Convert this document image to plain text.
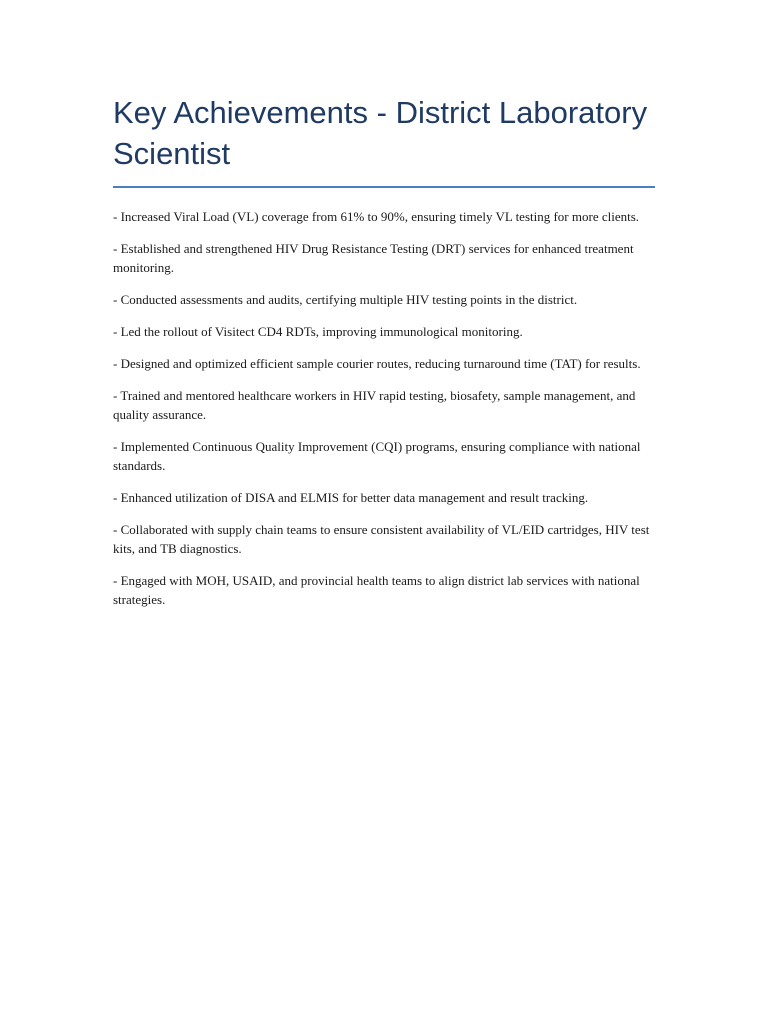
Key Achievements - District Laboratory Scientist

- Increased Viral Load (VL) coverage from 61% to 90%, ensuring timely VL testing for more clients.

- Established and strengthened HIV Drug Resistance Testing (DRT) services for enhanced treatment monitoring.

- Conducted assessments and audits, certifying multiple HIV testing points in the district.

- Led the rollout of Visitect CD4 RDTs, improving immunological monitoring.

- Designed and optimized efficient sample courier routes, reducing turnaround time (TAT) for results.

- Trained and mentored healthcare workers in HIV rapid testing, biosafety, sample management, and quality assurance.

- Implemented Continuous Quality Improvement (CQI) programs, ensuring compliance with national standards.

- Enhanced utilization of DISA and ELMIS for better data management and result tracking.

- Collaborated with supply chain teams to ensure consistent availability of VL/EID cartridges, HIV test kits, and TB diagnostics.

- Engaged with MOH, USAID, and provincial health teams to align district lab services with national strategies.
